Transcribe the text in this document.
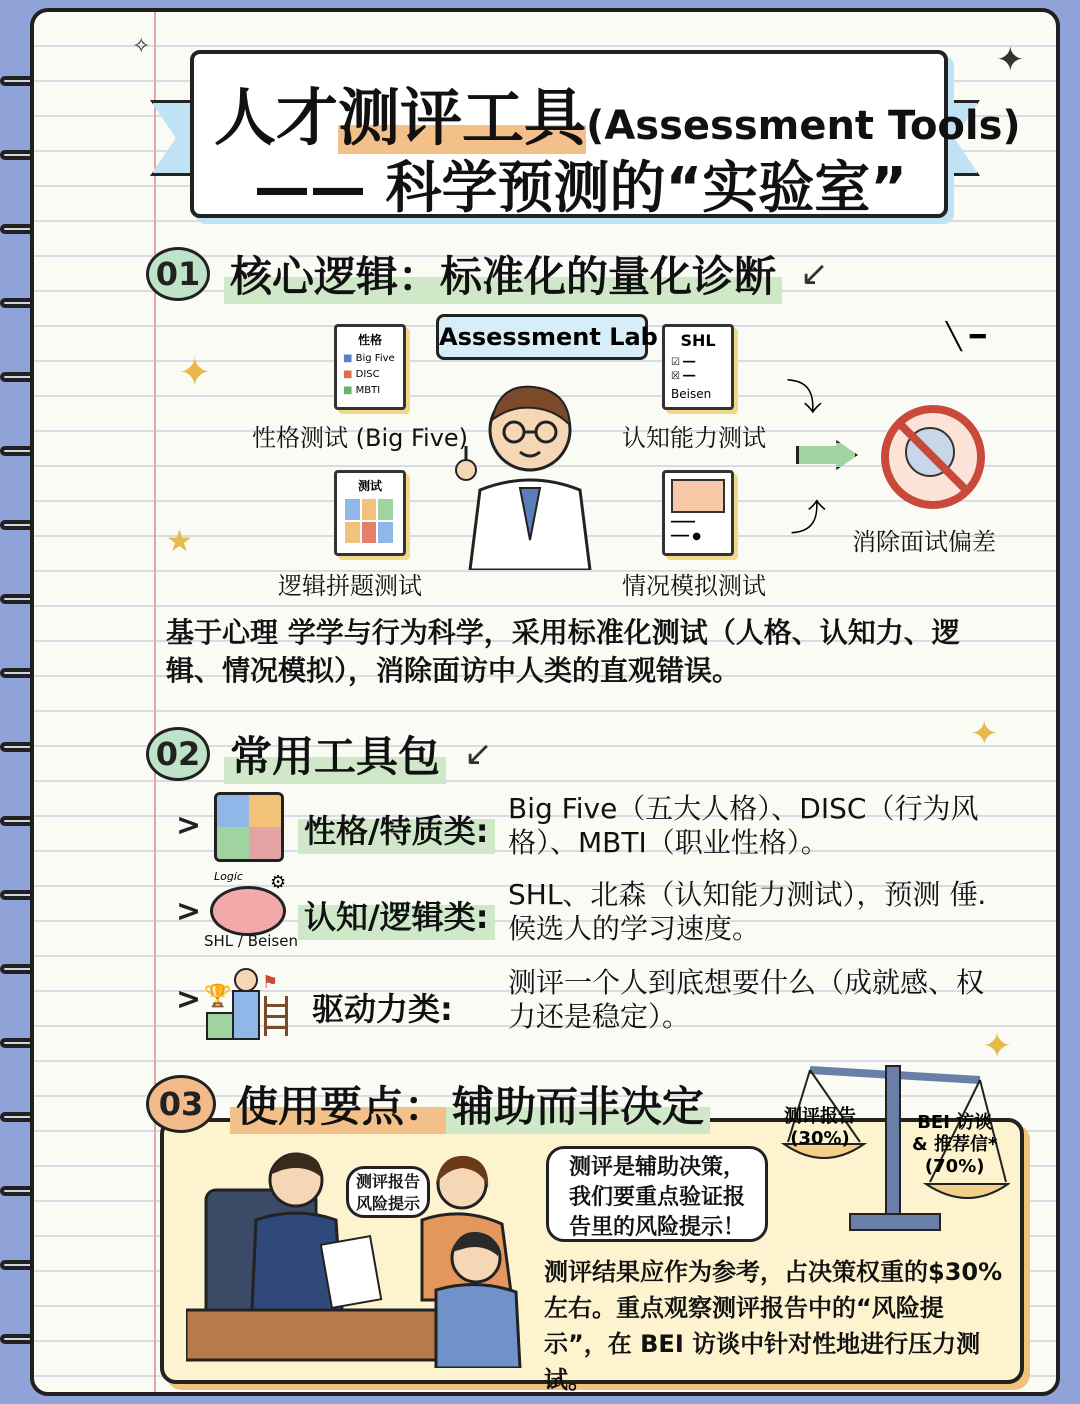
人才测评工具(Assessment Tools)
—— 科学预测的“实验室”
✦
✧
01 核心逻辑：标准化的量化诊断 ↙
✦
★
性格
■ Big Five
■ DISC
■ MBTI
性格测试 (Big Five)
Assessment Lab	SHL
☑ ━━
☒ ━━
Beisen
认知能力测试
测试
逻辑拼题测试
━━━━
━━━ ●
情况模拟测试
⤵
⤴
╲ ━
消除面试偏差
基于心理 学学与行为科学，采用标准化测试（人格、认知力、逻辑、情况模拟），消除面访中人类的直观错误。
02 常用工具包 ↙	✦
>	性格/特质类:
Big Five（五大人格）、DISC（行为风格）、MBTI（职业性格）。
>
Logic ⚙
SHL / Beisen
认知/逻辑类:
SHL、北森（认知能力测试），预测 倕. 候选人的学习速度。
> 🏆
⚑
驱动力类:
测评一个人到底想要什么（成就感、权力还是稳定）。
✦
03 使用要点： 辅助而非决定	测评报告
(30%)
BEI 访谈
& 推荐信*
(70%)
测评报告
风险提示
测评是辅助决策，我们要重点验证报告里的风险提示！
测评结果应作为参考，占决策权重的$30%左右。重点观察测评报告中的“风险提示”，在 BEI 访谈中针对性地进行压力测试。
